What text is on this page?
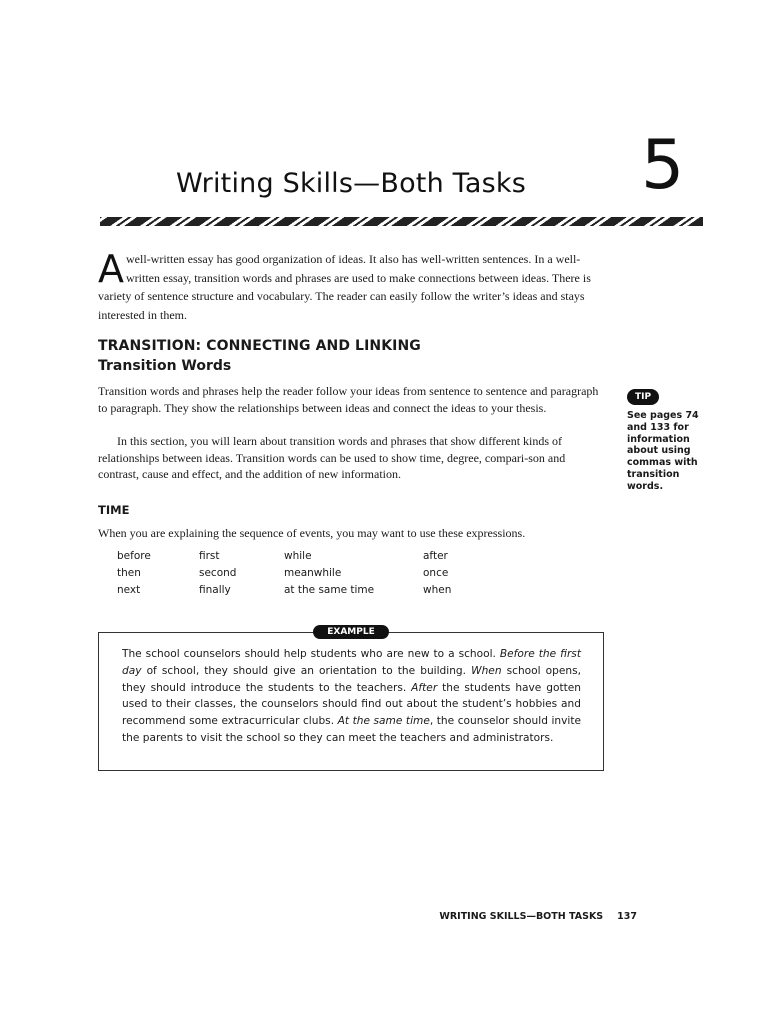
Writing Skills—Both Tasks 5

Awell-written essay has good organization of ideas. It also has well-written sentences. In a well-written essay, transition words and phrases are used to make connections between ideas. There is variety of sentence structure and vocabulary. The reader can easily follow the writer’s ideas and stays interested in them.

TRANSITION: CONNECTING AND LINKING
Transition Words

Transition words and phrases help the reader follow your ideas from sentence to sentence and paragraph to paragraph. They show the relationships between ideas and connect the ideas to your thesis.

In this section, you will learn about transition words and phrases that show different kinds of relationships between ideas. Transition words can be used to show time, degree, compari-son and contrast, cause and effect, and the addition of new information.

TIP

See pages 74 and 133 for information about using commas with transition words.

TIME

When you are explaining the sequence of events, you may want to use these expressions.

before	first	while	after
then	second	meanwhile	once
next	finally	at the same time	when
EXAMPLE

The school counselors should help students who are new to a school. Before the first day of school, they should give an orientation to the building. When school opens, they should introduce the students to the teachers. After the students have gotten used to their classes, the counselors should find out about the student’s hobbies and recommend some extracurricular clubs. At the same time, the counselor should invite the parents to visit the school so they can meet the teachers and administrators.

WRITING SKILLS—BOTH TASKS 137
